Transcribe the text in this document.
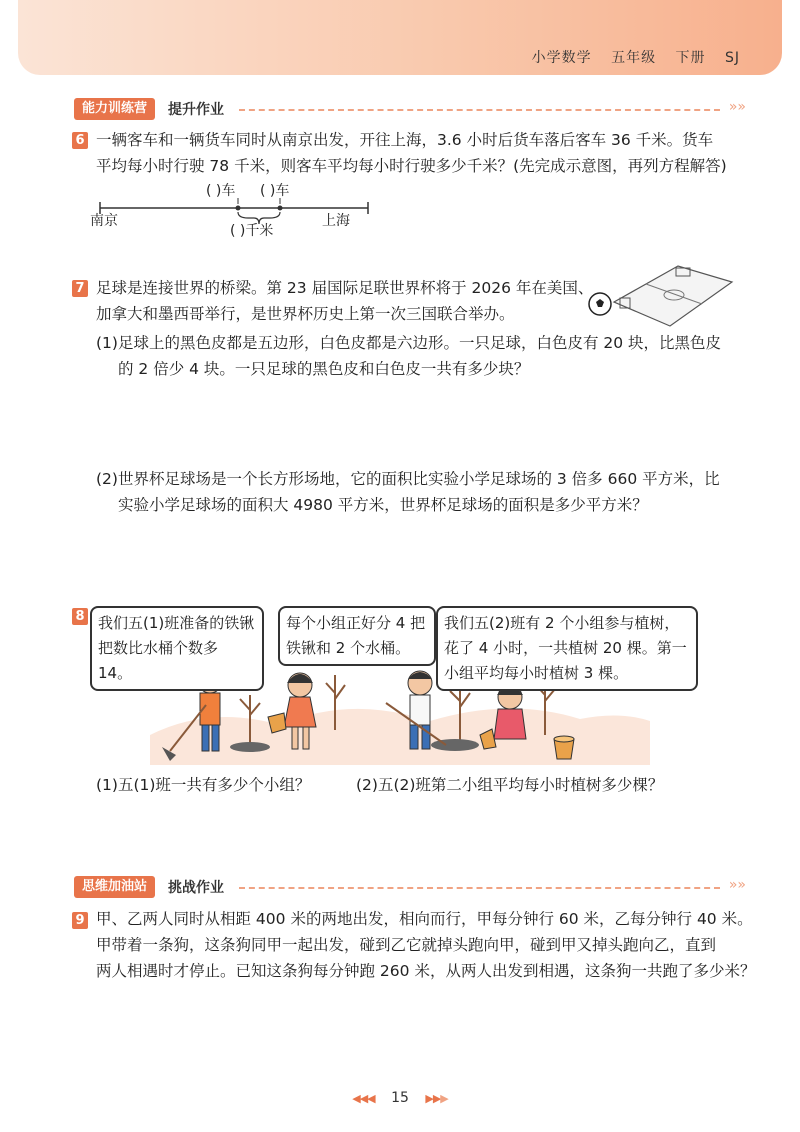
小学数学 五年级 下册 SJ
能力训练营	提升作业	»»
6 一辆客车和一辆货车同时从南京出发，开往上海，3.6 小时后货车落后客车 36 千米。货车
平均每小时行驶 78 千米，则客车平均每小时行驶多少千米？(先完成示意图，再列方程解答)
( )车 ( )车
( )千米
南京	上海
7 足球是连接世界的桥梁。第 23 届国际足联世界杯将于 2026 年在美国、
加拿大和墨西哥举行，是世界杯历史上第一次三国联合举办。
(1)足球上的黑色皮都是五边形，白色皮都是六边形。一只足球，白色皮有 20 块，比黑色皮
的 2 倍少 4 块。一只足球的黑色皮和白色皮一共有多少块？
(2)世界杯足球场是一个长方形场地，它的面积比实验小学足球场的 3 倍多 660 平方米，比
实验小学足球场的面积大 4980 平方米，世界杯足球场的面积是多少平方米？
8 我们五(1)班准备的铁锹
把数比水桶个数多 14。
每个小组正好分 4 把
铁锹和 2 个水桶。
我们五(2)班有 2 个小组参与植树，
花了 4 小时，一共植树 20 棵。第一
小组平均每小时植树 3 棵。
(1)五(1)班一共有多少个小组？	(2)五(2)班第二小组平均每小时植树多少棵？
思维加油站	挑战作业	»»
9 甲、乙两人同时从相距 400 米的两地出发，相向而行，甲每分钟行 60 米，乙每分钟行 40 米。
甲带着一条狗，这条狗同甲一起出发，碰到乙它就掉头跑向甲，碰到甲又掉头跑向乙，直到
两人相遇时才停止。已知这条狗每分钟跑 260 米，从两人出发到相遇，这条狗一共跑了多少米？
◀◀◀ 15 ▶▶▶
